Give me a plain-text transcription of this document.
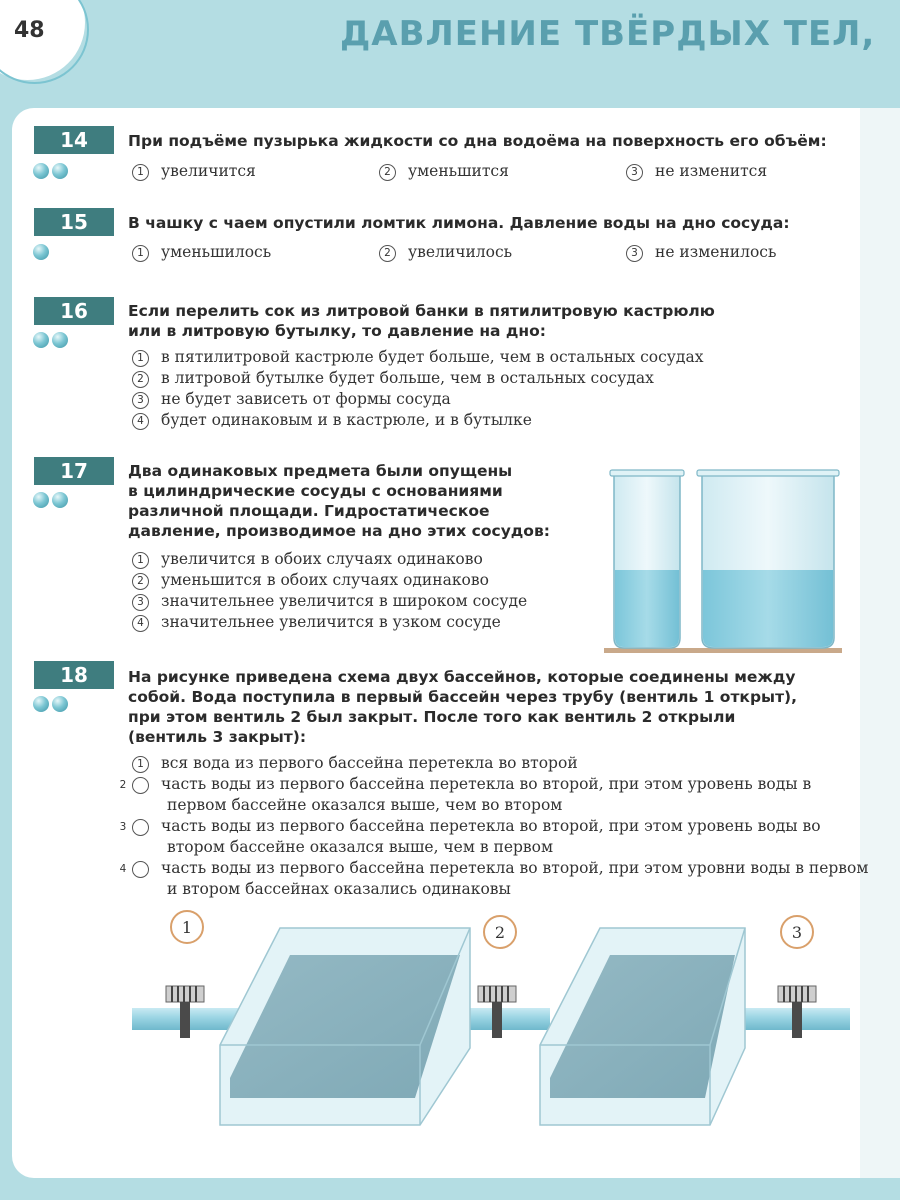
48	ДАВЛЕНИЕ ТВЁРДЫХ ТЕЛ,
14	При подъёме пузырька жидкости со дна водоёма на поверхность его объём:
1 увеличится	2 уменьшится	3 не изменится
15	В чашку с чаем опустили ломтик лимона. Давление воды на дно сосуда:
1 уменьшилось	2 увеличилось	3 не изменилось
16	Если перелить сок из литровой банки в пятилитровую кастрюлю
или в литровую бутылку, то давление на дно:
1 в пятилитровой кастрюле будет больше, чем в остальных сосудах
2 в литровой бутылке будет больше, чем в остальных сосудах
3 не будет зависеть от формы сосуда
4 будет одинаковым и в кастрюле, и в бутылке
17	Два одинаковых предмета были опущены
в цилиндрические сосуды с основаниями
различной площади. Гидростатическое
давление, производимое на дно этих сосудов:
1 увеличится в обоих случаях одинаково
2 уменьшится в обоих случаях одинаково
3 значительнее увеличится в широком сосуде
4 значительнее увеличится в узком сосуде
18	На рисунке приведена схема двух бассейнов, которые соединены между
собой. Вода поступила в первый бассейн через трубу (вентиль 1 открыт),
при этом вентиль 2 был закрыт. После того как вентиль 2 открыли
(вентиль 3 закрыт):
1 вся вода из первого бассейна перетекла во второй
2 часть воды из первого бассейна перетекла во второй, при этом уровень воды в первом бассейне оказался выше, чем во втором
3 часть воды из первого бассейна перетекла во второй, при этом уровень воды во втором бассейне оказался выше, чем в первом
4 часть воды из первого бассейна перетекла во второй, при этом уровни воды в первом и втором бассейнах оказались одинаковы
1	2	3
